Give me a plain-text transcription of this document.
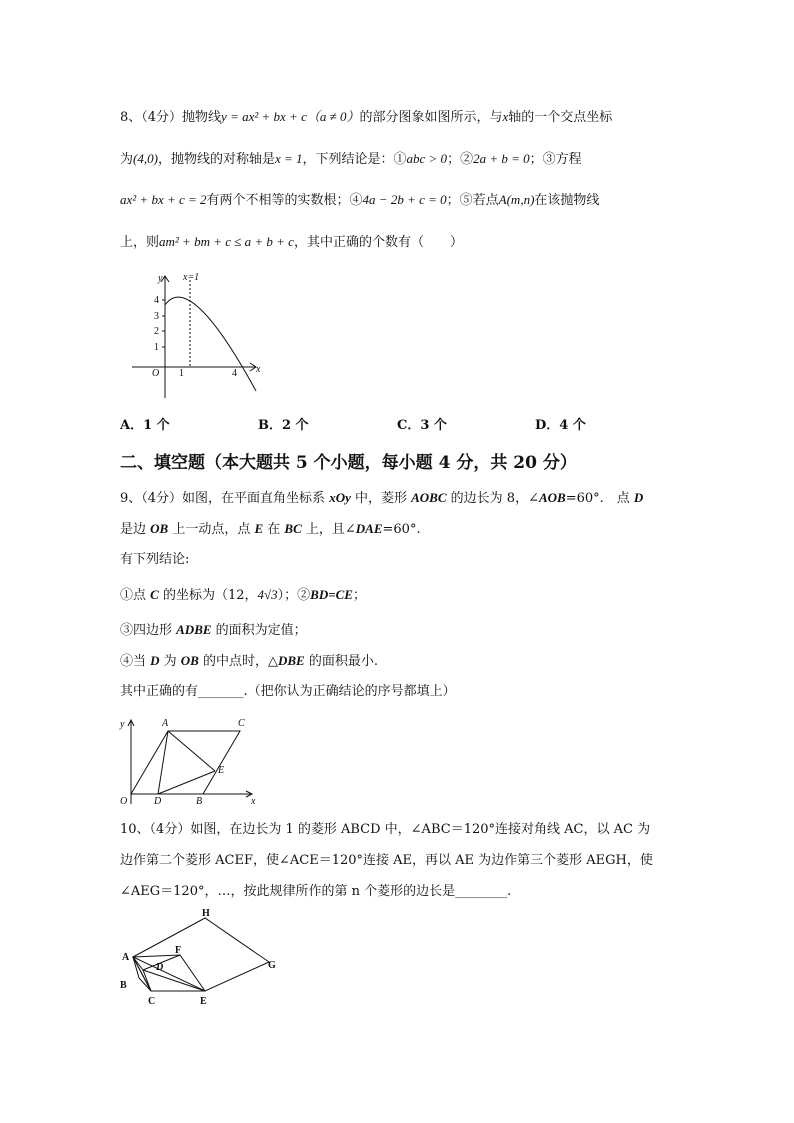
8、（4分）抛物线y = ax² + bx + c（a ≠ 0）的部分图象如图所示，与x轴的一个交点坐标
为(4,0)，抛物线的对称轴是x = 1，下列结论是：①abc > 0；②2a + b = 0；③方程
ax² + bx + c = 2有两个不相等的实数根；④4a − 2b + c = 0；⑤若点A(m,n)在该抛物线
上，则am² + bm + c ≤ a + b + c，其中正确的个数有（　　）
y
x
x=1
O
4
3
2
1
1	4
A．1 个	B．2 个	C．3 个	D．4 个
二、填空题（本大题共 5 个小题，每小题 4 分，共 20 分）
9、（4分）如图，在平面直角坐标系 xOy 中，菱形 AOBC 的边长为 8，∠AOB=60°.　点 D
是边 OB 上一动点，点 E 在 BC 上，且∠DAE=60°.
有下列结论:
①点 C 的坐标为（12，4√3）；②BD=CE；
③四边形 ADBE 的面积为定值；
④当 D 为 OB 的中点时，△DBE 的面积最小.
其中正确的有_______.（把你认为正确结论的序号都填上）
y
x
O
A	C
D	B
E
10、（4分）如图，在边长为 1 的菱形 ABCD 中，∠ABC＝120°连接对角线 AC，以 AC 为
边作第二个菱形 ACEF，使∠ACE＝120°连接 AE，再以 AE 为边作第三个菱形 AEGH，使
∠AEG＝120°，…，按此规律所作的第 n 个菱形的边长是________.
H
A
F
D	G
B
C	E
